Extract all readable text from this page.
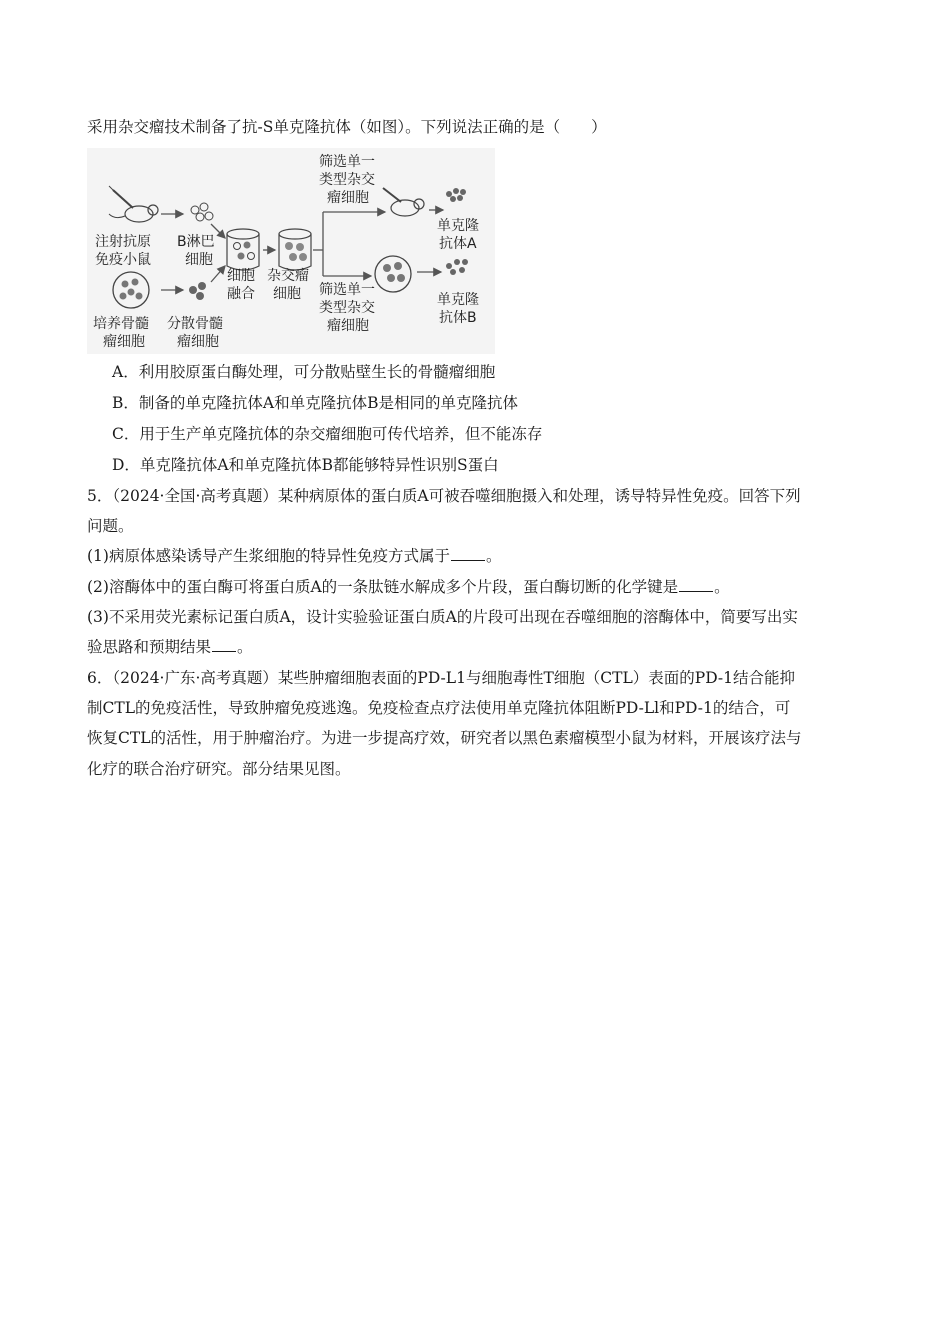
采用杂交瘤技术制备了抗-S单克隆抗体（如图）。下列说法正确的是（　　）
注射抗原
免疫小鼠
B淋巴
细胞
细胞
融合
杂交瘤
细胞
培养骨髓
瘤细胞
分散骨髓
瘤细胞
筛选单一
类型杂交
瘤细胞
筛选单一
类型杂交
瘤细胞
单克隆
抗体A
单克隆
抗体B
A．利用胶原蛋白酶处理，可分散贴壁生长的骨髓瘤细胞
B．制备的单克隆抗体A和单克隆抗体B是相同的单克隆抗体
C．用于生产单克隆抗体的杂交瘤细胞可传代培养，但不能冻存
D．单克隆抗体A和单克隆抗体B都能够特异性识别S蛋白
5．（2024·全国·高考真题）某种病原体的蛋白质A可被吞噬细胞摄入和处理，诱导特异性免疫。回答下列
问题。
(1)病原体感染诱导产生浆细胞的特异性免疫方式属于 。
(2)溶酶体中的蛋白酶可将蛋白质A的一条肽链水解成多个片段，蛋白酶切断的化学键是 。
(3)不采用荧光素标记蛋白质A，设计实验验证蛋白质A的片段可出现在吞噬细胞的溶酶体中，简要写出实
验思路和预期结果 。
6．（2024·广东·高考真题）某些肿瘤细胞表面的PD-L1与细胞毒性T细胞（CTL）表面的PD-1结合能抑
制CTL的免疫活性，导致肿瘤免疫逃逸。免疫检查点疗法使用单克隆抗体阻断PD-Ll和PD-1的结合，可
恢复CTL的活性，用于肿瘤治疗。为进一步提高疗效，研究者以黑色素瘤模型小鼠为材料，开展该疗法与
化疗的联合治疗研究。部分结果见图。
